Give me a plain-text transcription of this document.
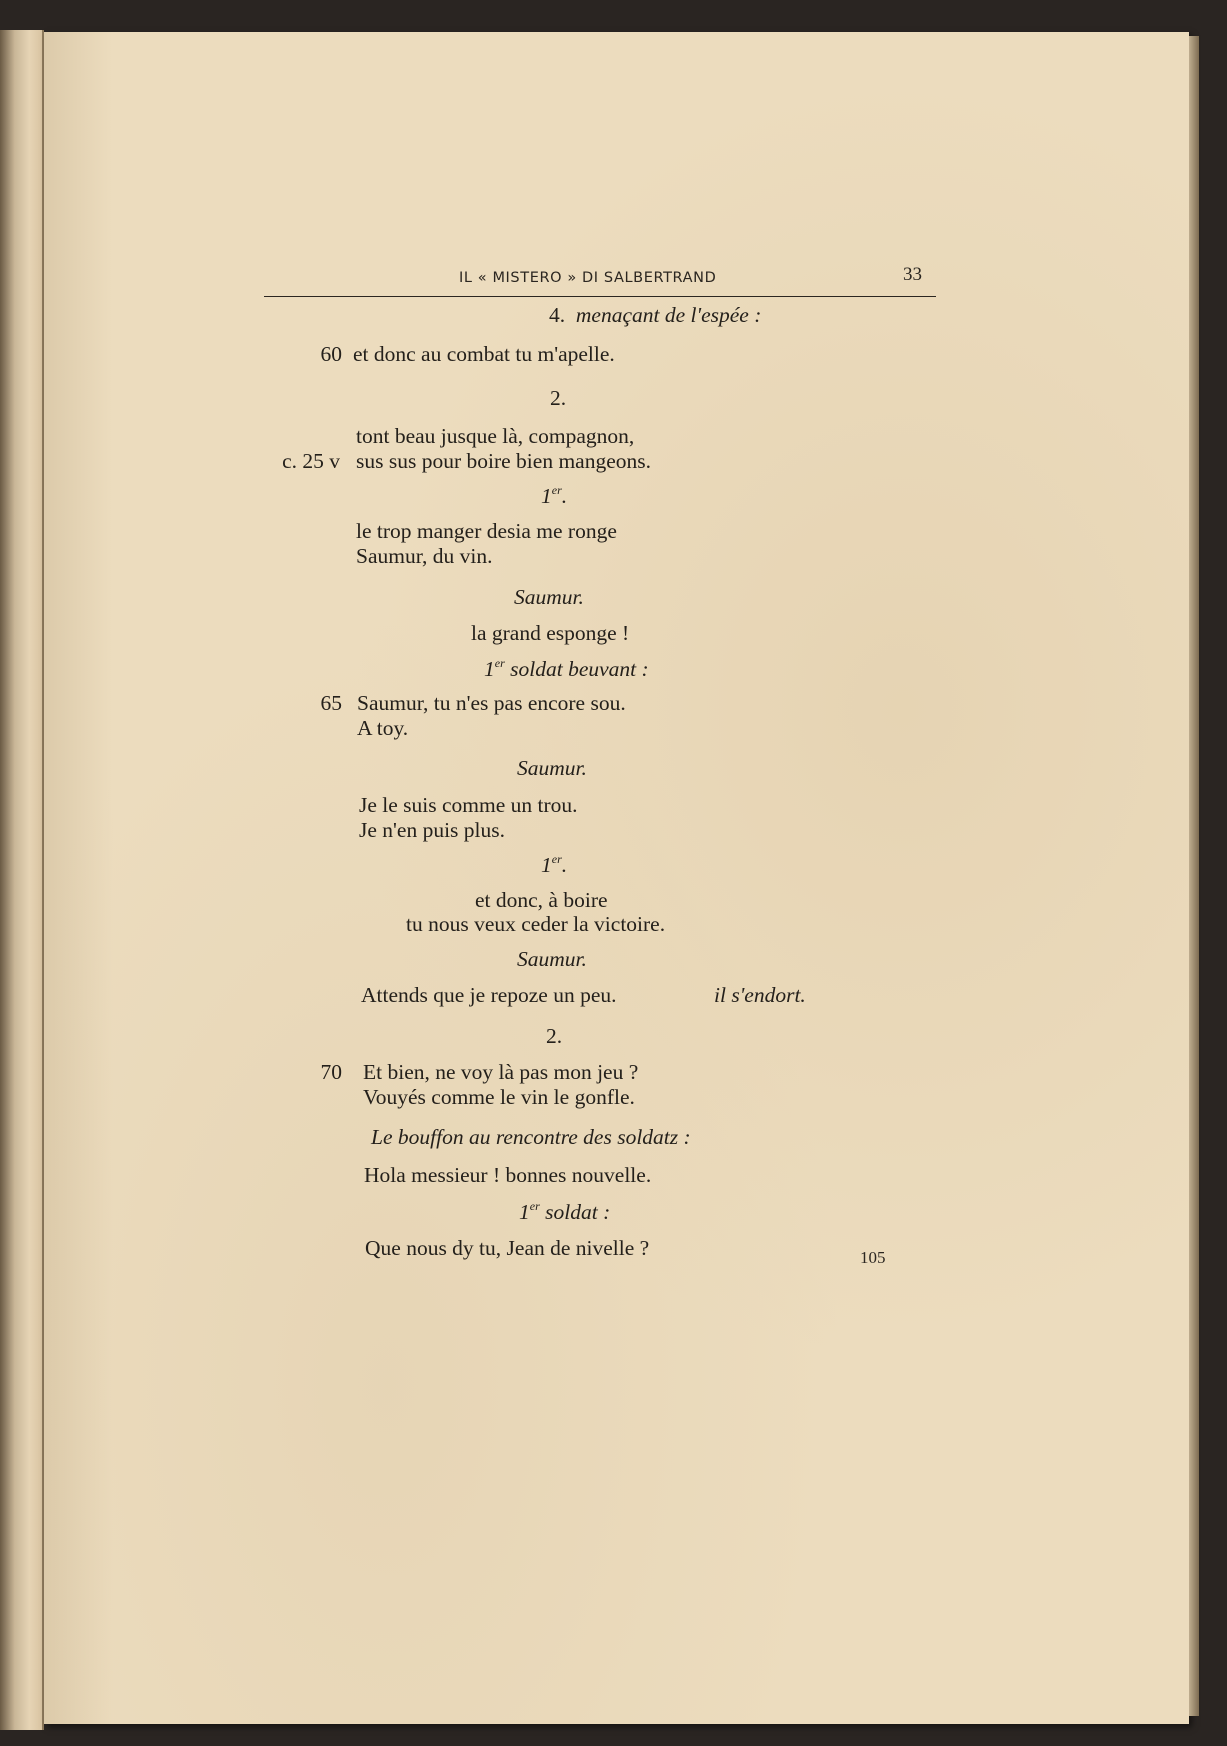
IL « MISTERO » DI SALBERTRAND	33
4. menaçant de l'espée :
60 et donc au combat tu m'apelle.
2.
tont beau jusque là, compagnon,
c. 25 v sus sus pour boire bien mangeons.
1er.
le trop manger desia me ronge
Saumur, du vin.
Saumur.
la grand esponge !
1er soldat beuvant :
65 Saumur, tu n'es pas encore sou.
A toy.
Saumur.
Je le suis comme un trou.
Je n'en puis plus.
1er.
et donc, à boire
tu nous veux ceder la victoire.
Saumur.
Attends que je repoze un peu.	il s'endort.
2.
70 Et bien, ne voy là pas mon jeu ?
Vouyés comme le vin le gonfle.
Le bouffon au rencontre des soldatz :
Hola messieur ! bonnes nouvelle.
1er soldat :
Que nous dy tu, Jean de nivelle ?	105
